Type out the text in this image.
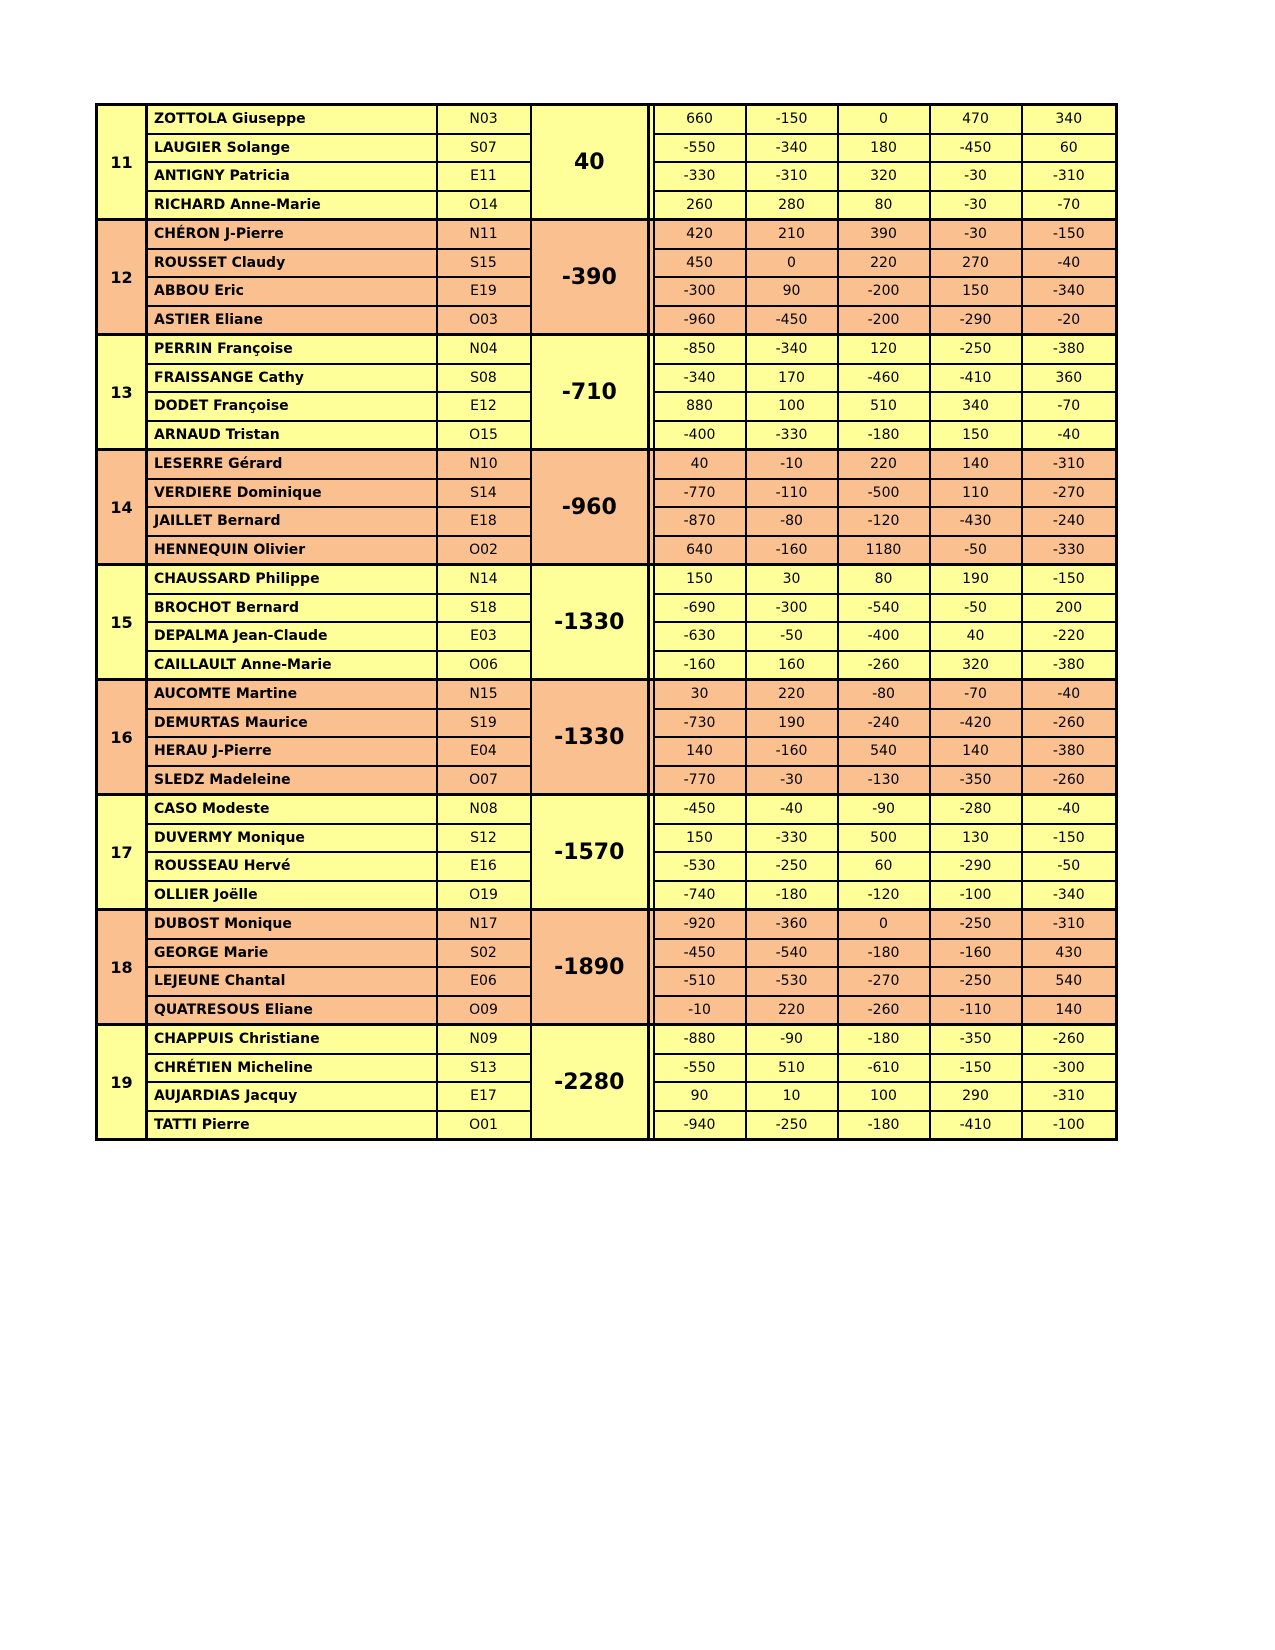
11	ZOTTOLA Giuseppe	N03	40		660	-150	0	470	340
	LAUGIER Solange	S07			-550	-340	180	-450	60
	ANTIGNY Patricia	E11			-330	-310	320	-30	-310
	RICHARD Anne-Marie	O14			260	280	80	-30	-70
12	CHÉRON J-Pierre	N11	-390		420	210	390	-30	-150
	ROUSSET Claudy	S15			450	0	220	270	-40
	ABBOU Eric	E19			-300	90	-200	150	-340
	ASTIER Eliane	O03			-960	-450	-200	-290	-20
13	PERRIN Françoise	N04	-710		-850	-340	120	-250	-380
	FRAISSANGE Cathy	S08			-340	170	-460	-410	360
	DODET Françoise	E12			880	100	510	340	-70
	ARNAUD Tristan	O15			-400	-330	-180	150	-40
14	LESERRE Gérard	N10	-960		40	-10	220	140	-310
	VERDIERE Dominique	S14			-770	-110	-500	110	-270
	JAILLET Bernard	E18			-870	-80	-120	-430	-240
	HENNEQUIN Olivier	O02			640	-160	1180	-50	-330
15	CHAUSSARD Philippe	N14	-1330		150	30	80	190	-150
	BROCHOT Bernard	S18			-690	-300	-540	-50	200
	DEPALMA Jean-Claude	E03			-630	-50	-400	40	-220
	CAILLAULT Anne-Marie	O06			-160	160	-260	320	-380
16	AUCOMTE Martine	N15	-1330		30	220	-80	-70	-40
	DEMURTAS Maurice	S19			-730	190	-240	-420	-260
	HERAU J-Pierre	E04			140	-160	540	140	-380
	SLEDZ Madeleine	O07			-770	-30	-130	-350	-260
17	CASO Modeste	N08	-1570		-450	-40	-90	-280	-40
	DUVERMY Monique	S12			150	-330	500	130	-150
	ROUSSEAU Hervé	E16			-530	-250	60	-290	-50
	OLLIER Joëlle	O19			-740	-180	-120	-100	-340
18	DUBOST Monique	N17	-1890		-920	-360	0	-250	-310
	GEORGE Marie	S02			-450	-540	-180	-160	430
	LEJEUNE Chantal	E06			-510	-530	-270	-250	540
	QUATRESOUS Eliane	O09			-10	220	-260	-110	140
19	CHAPPUIS Christiane	N09	-2280		-880	-90	-180	-350	-260
	CHRÉTIEN Micheline	S13			-550	510	-610	-150	-300
	AUJARDIAS Jacquy	E17			90	10	100	290	-310
	TATTI Pierre	O01			-940	-250	-180	-410	-100
